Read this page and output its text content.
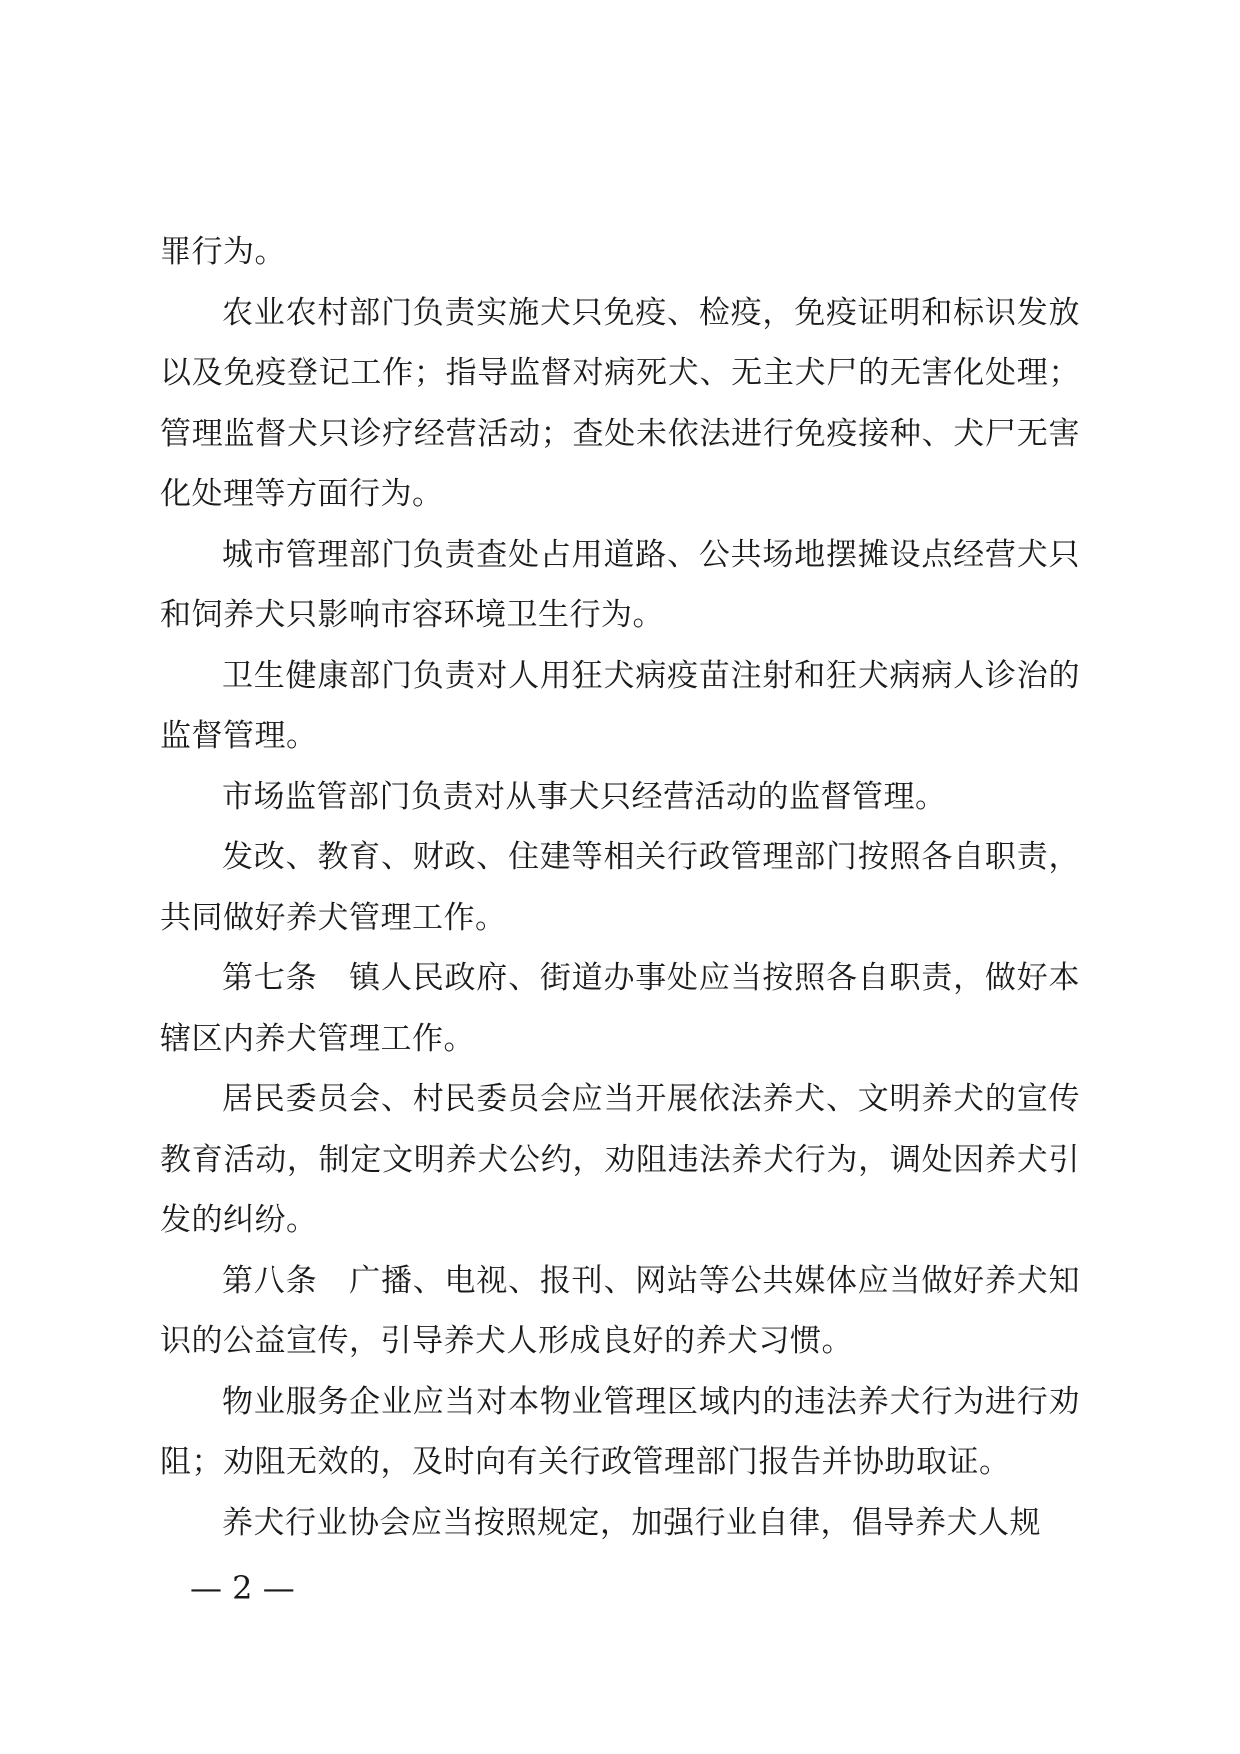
罪行为。

农业农村部门负责实施犬只免疫、检疫，免疫证明和标识发放以及免疫登记工作；指导监督对病死犬、无主犬尸的无害化处理；管理监督犬只诊疗经营活动；查处未依法进行免疫接种、犬尸无害化处理等方面行为。

城市管理部门负责查处占用道路、公共场地摆摊设点经营犬只和饲养犬只影响市容环境卫生行为。

卫生健康部门负责对人用狂犬病疫苗注射和狂犬病病人诊治的监督管理。

市场监管部门负责对从事犬只经营活动的监督管理。

发改、教育、财政、住建等相关行政管理部门按照各自职责，共同做好养犬管理工作。

第七条　镇人民政府、街道办事处应当按照各自职责，做好本辖区内养犬管理工作。

居民委员会、村民委员会应当开展依法养犬、文明养犬的宣传教育活动，制定文明养犬公约，劝阻违法养犬行为，调处因养犬引发的纠纷。

第八条　广播、电视、报刊、网站等公共媒体应当做好养犬知识的公益宣传，引导养犬人形成良好的养犬习惯。

物业服务企业应当对本物业管理区域内的违法养犬行为进行劝阻；劝阻无效的，及时向有关行政管理部门报告并协助取证。

养犬行业协会应当按照规定，加强行业自律，倡导养犬人规

— 2 —
